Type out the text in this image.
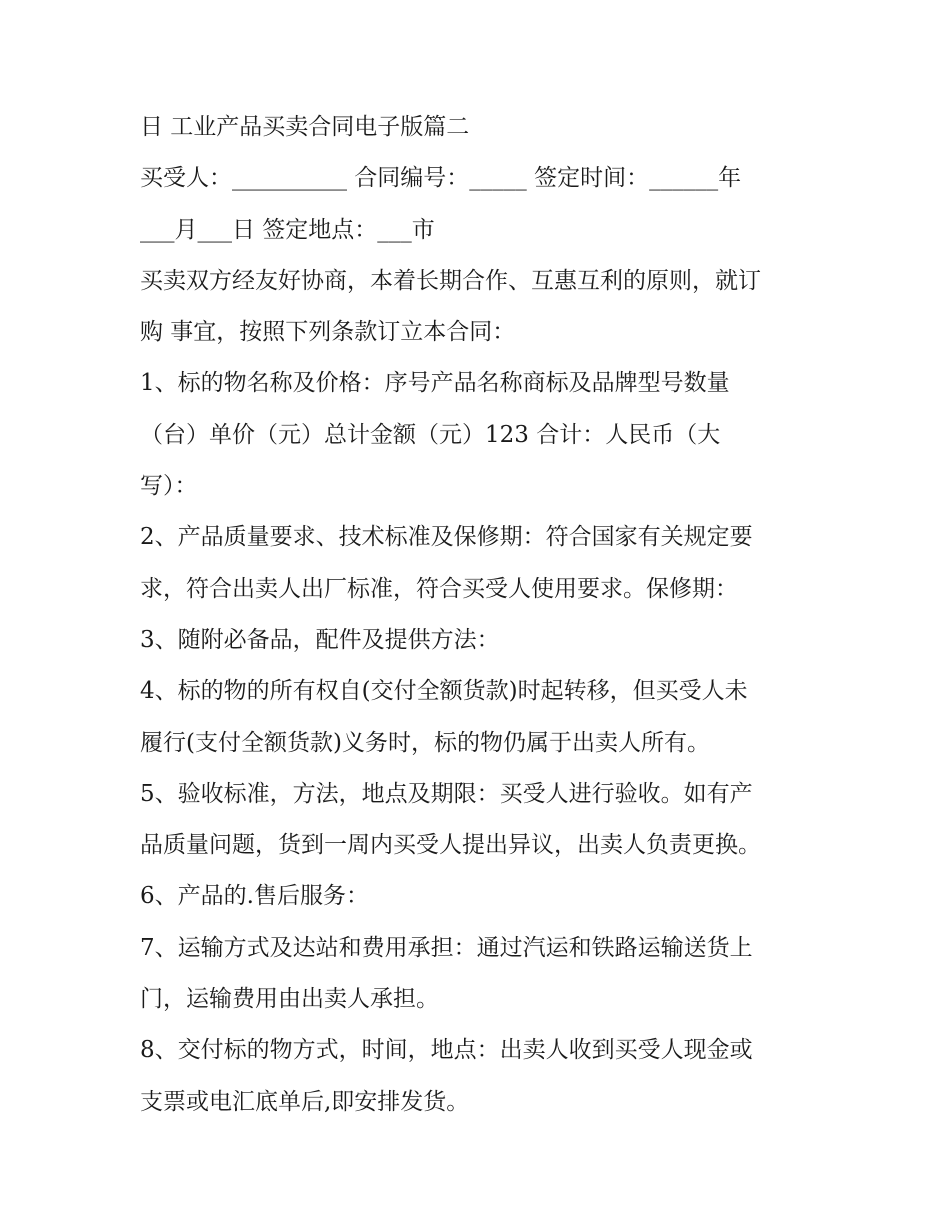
日 工业产品买卖合同电子版篇二
买受人：__________ 合同编号：_____ 签定时间：______年
___月___日 签定地点：___市
买卖双方经友好协商，本着长期合作、互惠互利的原则，就订
购 事宜，按照下列条款订立本合同：
1、标的物名称及价格：序号产品名称商标及品牌型号数量
（台）单价（元）总计金额（元）123 合计：人民币（大
写）：
2、产品质量要求、技术标准及保修期：符合国家有关规定要
求，符合出卖人出厂标准，符合买受人使用要求。保修期：
3、随附必备品，配件及提供方法：
4、标的物的所有权自(交付全额货款)时起转移，但买受人未
履行(支付全额货款)义务时，标的物仍属于出卖人所有。
5、验收标准，方法，地点及期限：买受人进行验收。如有产
品质量问题，货到一周内买受人提出异议，出卖人负责更换。
6、产品的.售后服务：
7、运输方式及达站和费用承担：通过汽运和铁路运输送货上
门，运输费用由出卖人承担。
8、交付标的物方式，时间，地点：出卖人收到买受人现金或
支票或电汇底单后,即安排发货。
